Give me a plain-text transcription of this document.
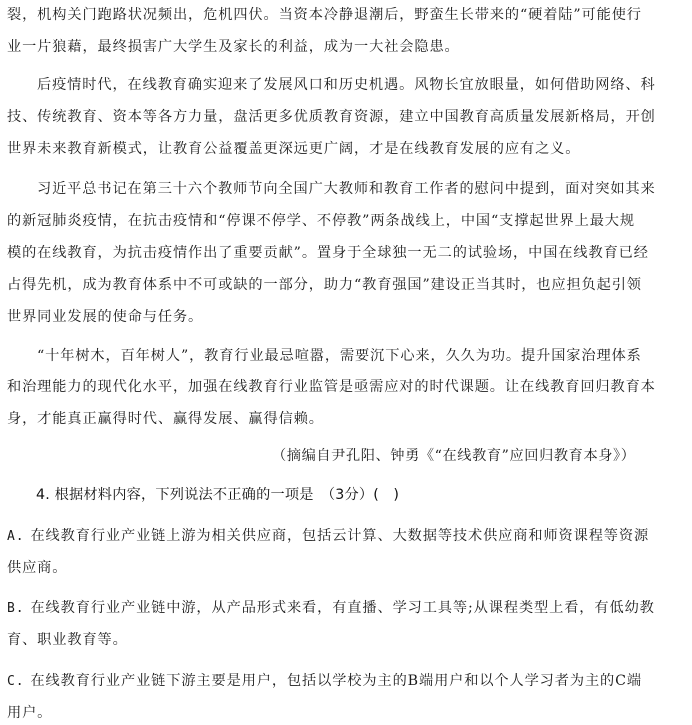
裂，机构关门跑路状况频出，危机四伏。当资本冷静退潮后，野蛮生长带来的“硬着陆”可能使行
业一片狼藉，最终损害广大学生及家长的利益，成为一大社会隐患。
后疫情时代，在线教育确实迎来了发展风口和历史机遇。风物长宜放眼量，如何借助网络、科
技、传统教育、资本等各方力量，盘活更多优质教育资源，建立中国教育高质量发展新格局，开创
世界未来教育新模式，让教育公益覆盖更深远更广阔，才是在线教育发展的应有之义。
习近平总书记在第三十六个教师节向全国广大教师和教育工作者的慰问中提到，面对突如其来
的新冠肺炎疫情，在抗击疫情和“停课不停学、不停教”两条战线上，中国“支撑起世界上最大规
模的在线教育，为抗击疫情作出了重要贡献”。置身于全球独一无二的试验场，中国在线教育已经
占得先机，成为教育体系中不可或缺的一部分，助力“教育强国”建设正当其时，也应担负起引领
世界同业发展的使命与任务。
“十年树木，百年树人”，教育行业最忌喧嚣，需要沉下心来，久久为功。提升国家治理体系
和治理能力的现代化水平，加强在线教育行业监管是亟需应对的时代课题。让在线教育回归教育本
身，才能真正赢得时代、赢得发展、赢得信赖。
（摘编自尹孔阳、钟勇《“在线教育”应回归教育本身》）
4. 根据材料内容，下列说法不正确的一项是　（3分）(　)
A. 在线教育行业产业链上游为相关供应商，包括云计算、大数据等技术供应商和师资课程等资源
供应商。
B. 在线教育行业产业链中游，从产品形式来看，有直播、学习工具等;从课程类型上看，有低幼教
育、职业教育等。
C. 在线教育行业产业链下游主要是用户，包括以学校为主的B端用户和以个人学习者为主的C端
用户。
